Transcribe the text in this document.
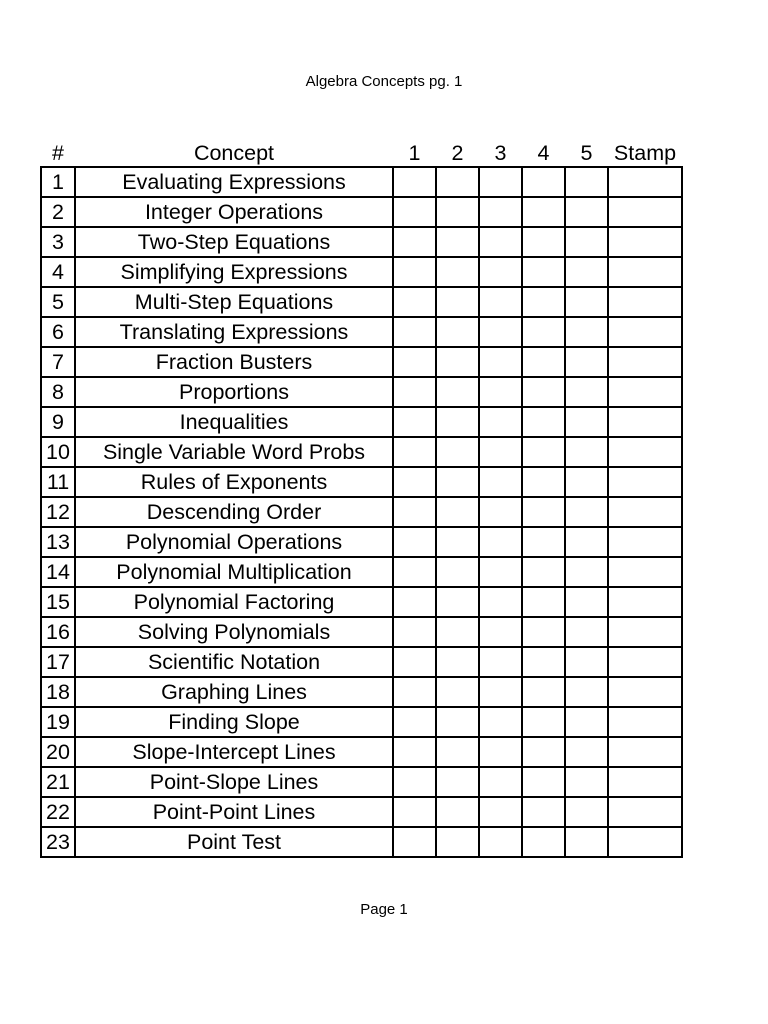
Algebra Concepts pg. 1
#	Concept	1	2	3	4	5	Stamp
1	Evaluating Expressions						
2	Integer Operations						
3	Two-Step Equations						
4	Simplifying Expressions						
5	Multi-Step Equations						
6	Translating Expressions						
7	Fraction Busters						
8	Proportions						
9	Inequalities						
10	Single Variable Word Probs						
11	Rules of Exponents						
12	Descending Order						
13	Polynomial Operations						
14	Polynomial Multiplication						
15	Polynomial Factoring						
16	Solving Polynomials						
17	Scientific Notation						
18	Graphing Lines						
19	Finding Slope						
20	Slope-Intercept Lines						
21	Point-Slope Lines						
22	Point-Point Lines						
23	Point Test						
Page 1
